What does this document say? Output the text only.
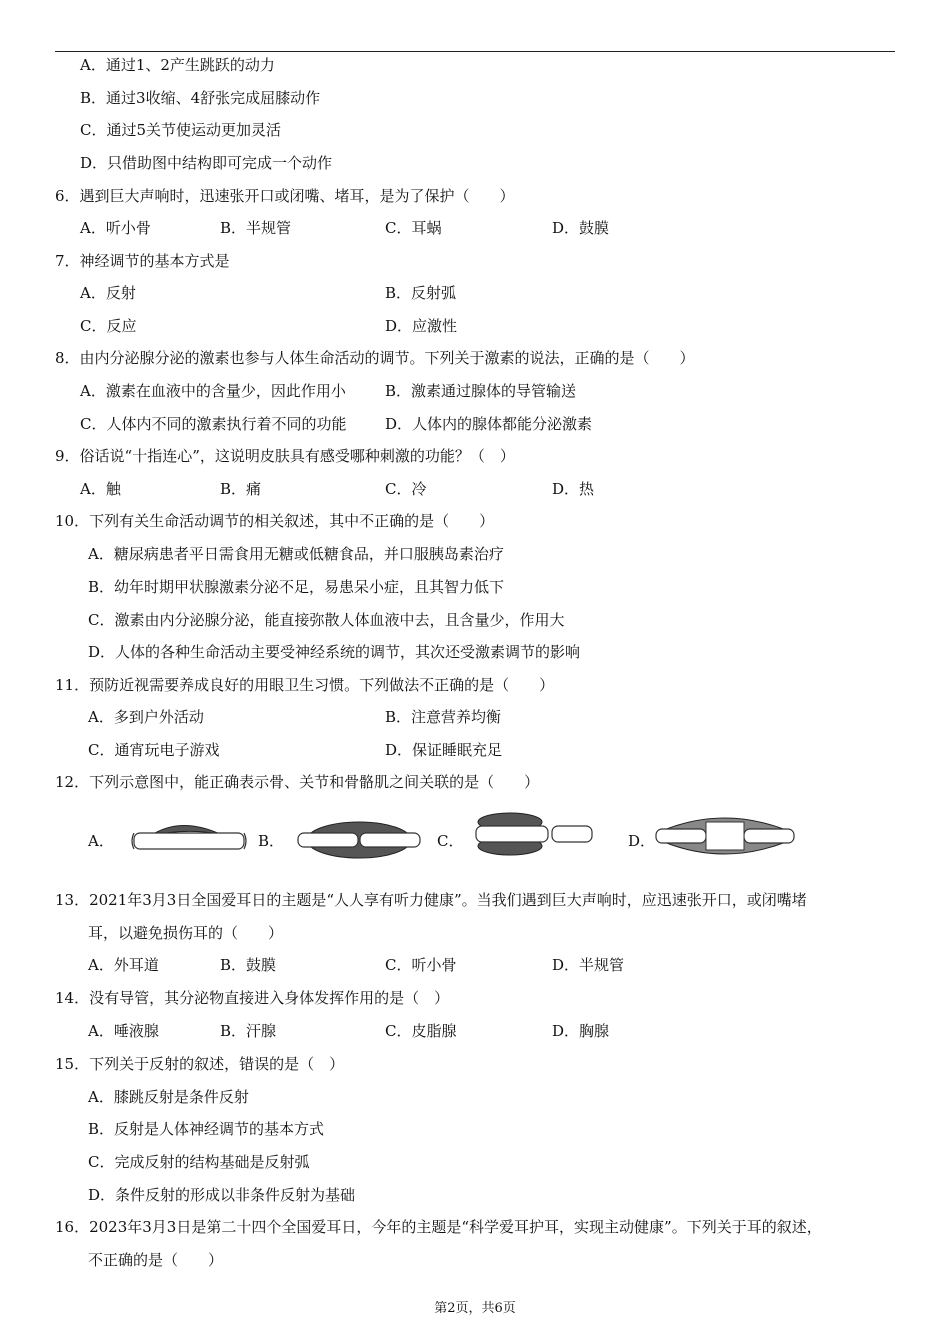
A．通过1、2产生跳跃的动力
B．通过3收缩、4舒张完成屈膝动作
C．通过5关节使运动更加灵活
D．只借助图中结构即可完成一个动作
6．遇到巨大声响时，迅速张开口或闭嘴、堵耳，是为了保护（　　）
A．听小骨	B．半规管	C．耳蜗	D．鼓膜
7．神经调节的基本方式是
A．反射	B．反射弧
C．反应	D．应激性
8．由内分泌腺分泌的激素也参与人体生命活动的调节。下列关于激素的说法，正确的是（　　）
A．激素在血液中的含量少，因此作用小	B．激素通过腺体的导管输送
C．人体内不同的激素执行着不同的功能	D．人体内的腺体都能分泌激素
9．俗话说“十指连心”，这说明皮肤具有感受哪种刺激的功能？（　）
A．触	B．痛	C．冷	D．热
10．下列有关生命活动调节的相关叙述，其中不正确的是（　　）
A．糖尿病患者平日需食用无糖或低糖食品，并口服胰岛素治疗
B．幼年时期甲状腺激素分泌不足，易患呆小症，且其智力低下
C．激素由内分泌腺分泌，能直接弥散人体血液中去，且含量少，作用大
D．人体的各种生命活动主要受神经系统的调节，其次还受激素调节的影响
11．预防近视需要养成良好的用眼卫生习惯。下列做法不正确的是（　　）
A．多到户外活动	B．注意营养均衡
C．通宵玩电子游戏	D．保证睡眠充足
12．下列示意图中，能正确表示骨、关节和骨骼肌之间关联的是（　　）
A．	B．	C．	D．
13．2021年3月3日全国爱耳日的主题是“人人享有听力健康”。当我们遇到巨大声响时，应迅速张开口，或闭嘴堵
耳，以避免损伤耳的（　　）
A．外耳道	B．鼓膜	C．听小骨	D．半规管
14．没有导管，其分泌物直接进入身体发挥作用的是（　）
A．唾液腺	B．汗腺	C．皮脂腺	D．胸腺
15．下列关于反射的叙述，错误的是（　）
A．膝跳反射是条件反射
B．反射是人体神经调节的基本方式
C．完成反射的结构基础是反射弧
D．条件反射的形成以非条件反射为基础
16．2023年3月3日是第二十四个全国爱耳日，今年的主题是“科学爱耳护耳，实现主动健康”。下列关于耳的叙述，
不正确的是（　　）
第2页，共6页
